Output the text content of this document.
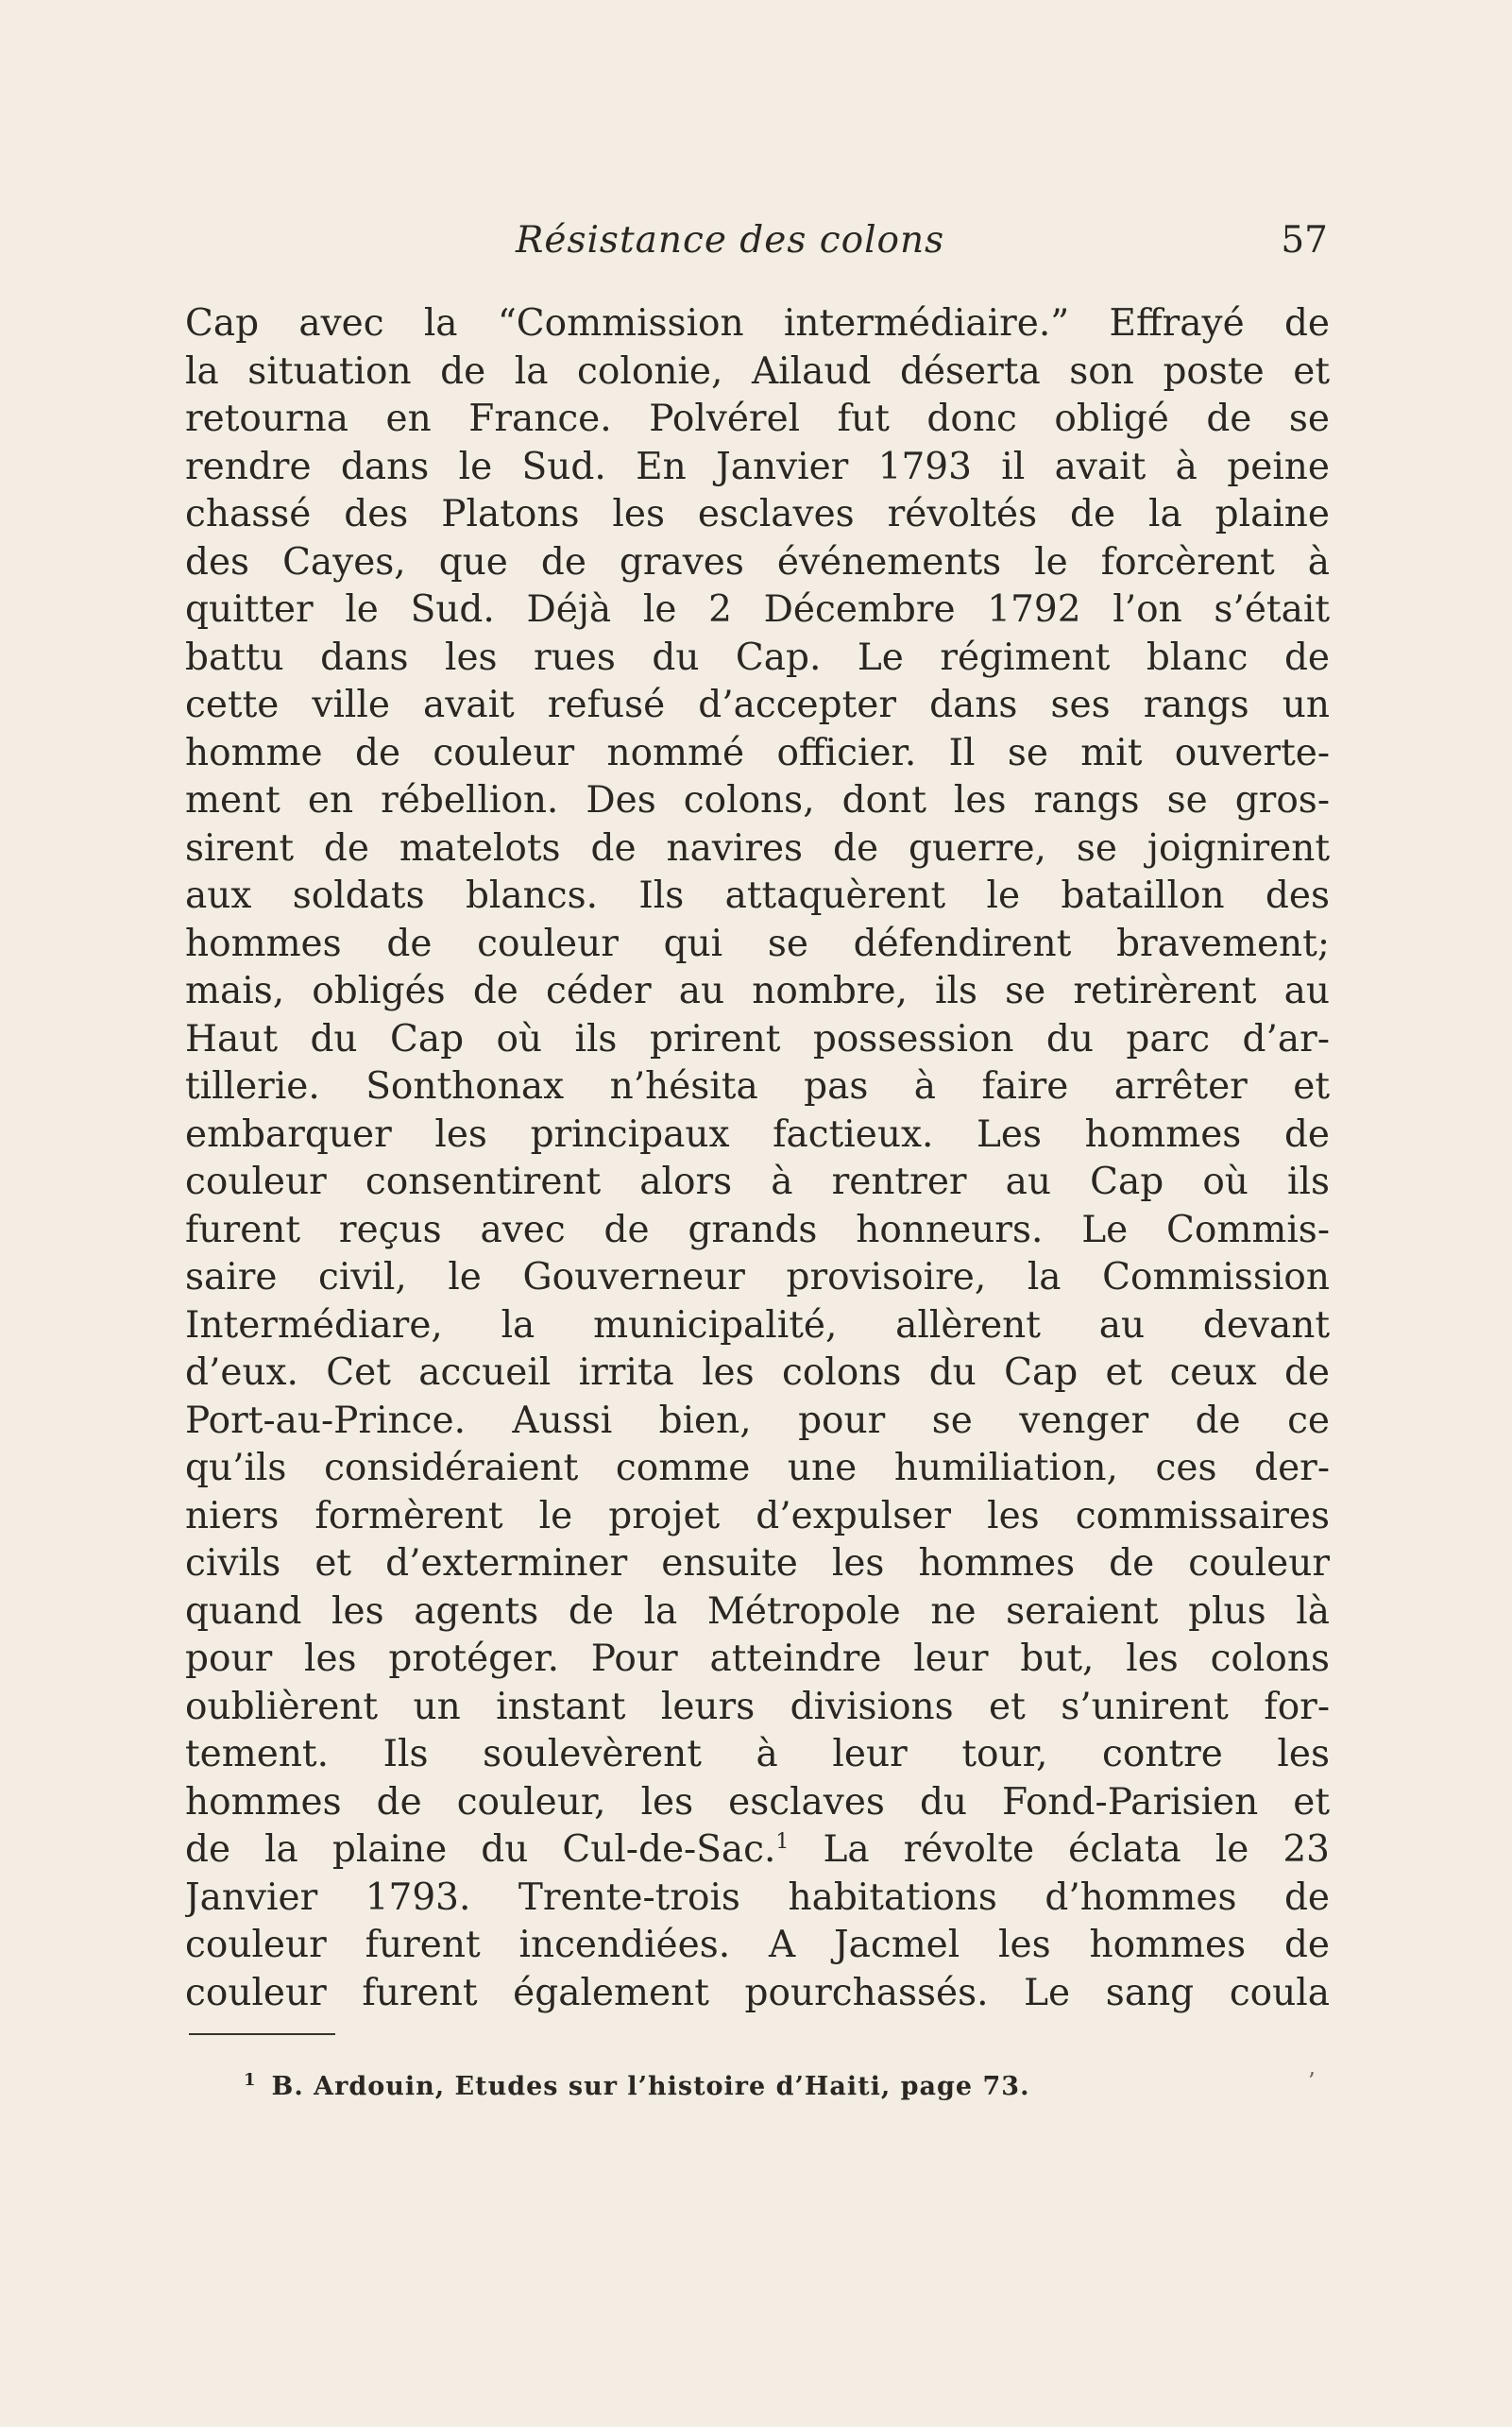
Résistance des colons	57
Cap avec la “Commission intermédiaire.” Effrayé de
la situation de la colonie, Ailaud déserta son poste et
retourna en France. Polvérel fut donc obligé de se
rendre dans le Sud. En Janvier 1793 il avait à peine
chassé des Platons les esclaves révoltés de la plaine
des Cayes, que de graves événements le forcèrent à
quitter le Sud. Déjà le 2 Décembre 1792 l’on s’était
battu dans les rues du Cap. Le régiment blanc de
cette ville avait refusé d’accepter dans ses rangs un
homme de couleur nommé officier. Il se mit ouverte-
ment en rébellion. Des colons, dont les rangs se gros-
sirent de matelots de navires de guerre, se joignirent
aux soldats blancs. Ils attaquèrent le bataillon des
hommes de couleur qui se défendirent bravement;
mais, obligés de céder au nombre, ils se retirèrent au
Haut du Cap où ils prirent possession du parc d’ar-
tillerie. Sonthonax n’hésita pas à faire arrêter et
embarquer les principaux factieux. Les hommes de
couleur consentirent alors à rentrer au Cap où ils
furent reçus avec de grands honneurs. Le Commis-
saire civil, le Gouverneur provisoire, la Commission
Intermédiare, la municipalité, allèrent au devant
d’eux. Cet accueil irrita les colons du Cap et ceux de
Port-au-Prince. Aussi bien, pour se venger de ce
qu’ils considéraient comme une humiliation, ces der-
niers formèrent le projet d’expulser les commissaires
civils et d’exterminer ensuite les hommes de couleur
quand les agents de la Métropole ne seraient plus là
pour les protéger. Pour atteindre leur but, les colons
oublièrent un instant leurs divisions et s’unirent for-
tement. Ils soulevèrent à leur tour, contre les
hommes de couleur, les esclaves du Fond-Parisien et
de la plaine du Cul-de-Sac.$^1$ La révolte éclata le 23
Janvier 1793. Trente-trois habitations d’hommes de
couleur furent incendiées. A Jacmel les hommes de
couleur furent également pourchassés. Le sang coula
$^1$ B. Ardouin, Etudes sur l’histoire d’Haiti, page 73.	’
